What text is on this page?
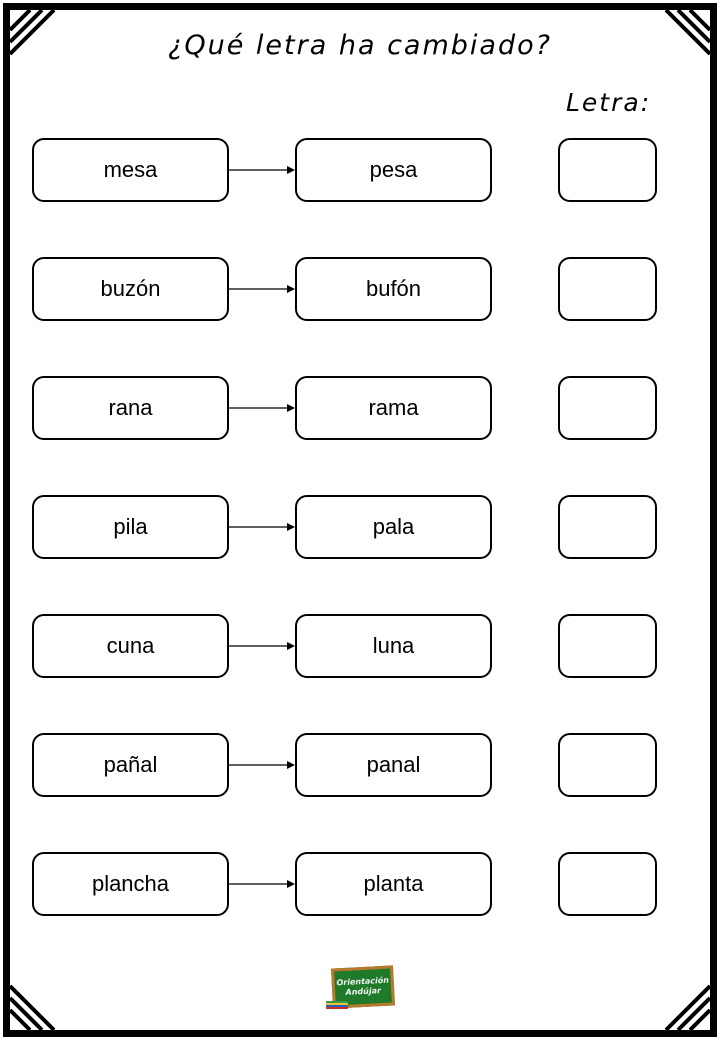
¿Qué letra ha cambiado?
Letra:
mesa	pesa
buzón	bufón
rana	rama
pila	pala
cuna	luna
pañal	panal
plancha	planta
Orientación
Andújar
